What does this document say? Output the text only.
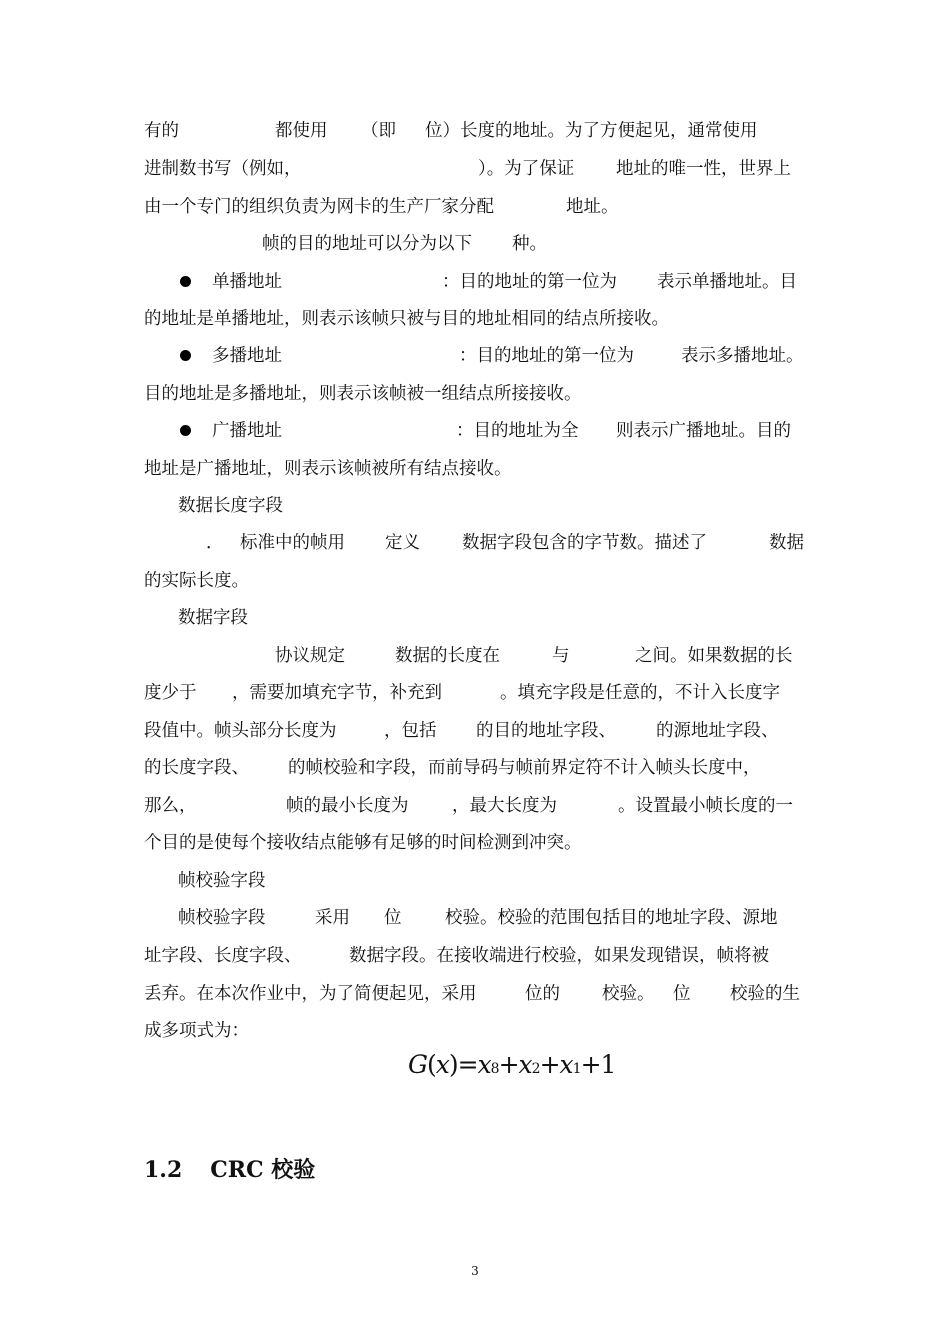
有的	都使用 （即 位）长度的地址。为了方便起见，通常使用
进制数书写（例如，	）。为了保证 地址的唯一性，世界上
由一个专门的组织负责为网卡的生产厂家分配	地址。
帧的目的地址可以分为以下 种。
单播地址	：目的地址的第一位为 表示单播地址。目
的地址是单播地址，则表示该帧只被与目的地址相同的结点所接收。
多播地址	：目的地址的第一位为	表示多播地址。
目的地址是多播地址，则表示该帧被一组结点所接接收。
广播地址	：目的地址为全 则表示广播地址。目的
地址是广播地址，则表示该帧被所有结点接收。
数据长度字段
． 标准中的帧用 定义 数据字段包含的字节数。描述了	数据
的实际长度。
数据字段
协议规定	数据的长度在	与	之间。如果数据的长
度少于 ，需要加填充字节，补充到	。填充字段是任意的，不计入长度字
段值中。帧头部分长度为	，包括 的目的地址字段、 的源地址字段、
的长度字段、 的帧校验和字段，而前导码与帧前界定符不计入帧头长度中，
那么，	帧的最小长度为 ，最大长度为	。设置最小帧长度的一
个目的是使每个接收结点能够有足够的时间检测到冲突。
帧校验字段
帧校验字段	采用 位 校验。校验的范围包括目的地址字段、源地
址字段、长度字段、	数据字段。在接收端进行校验，如果发现错误，帧将被
丢弃。在本次作业中，为了简便起见，采用	位的 校验。 位 校验的生
成多项式为：
G(x)=x8+x2+x1+1
1.2 CRC 校验
3
